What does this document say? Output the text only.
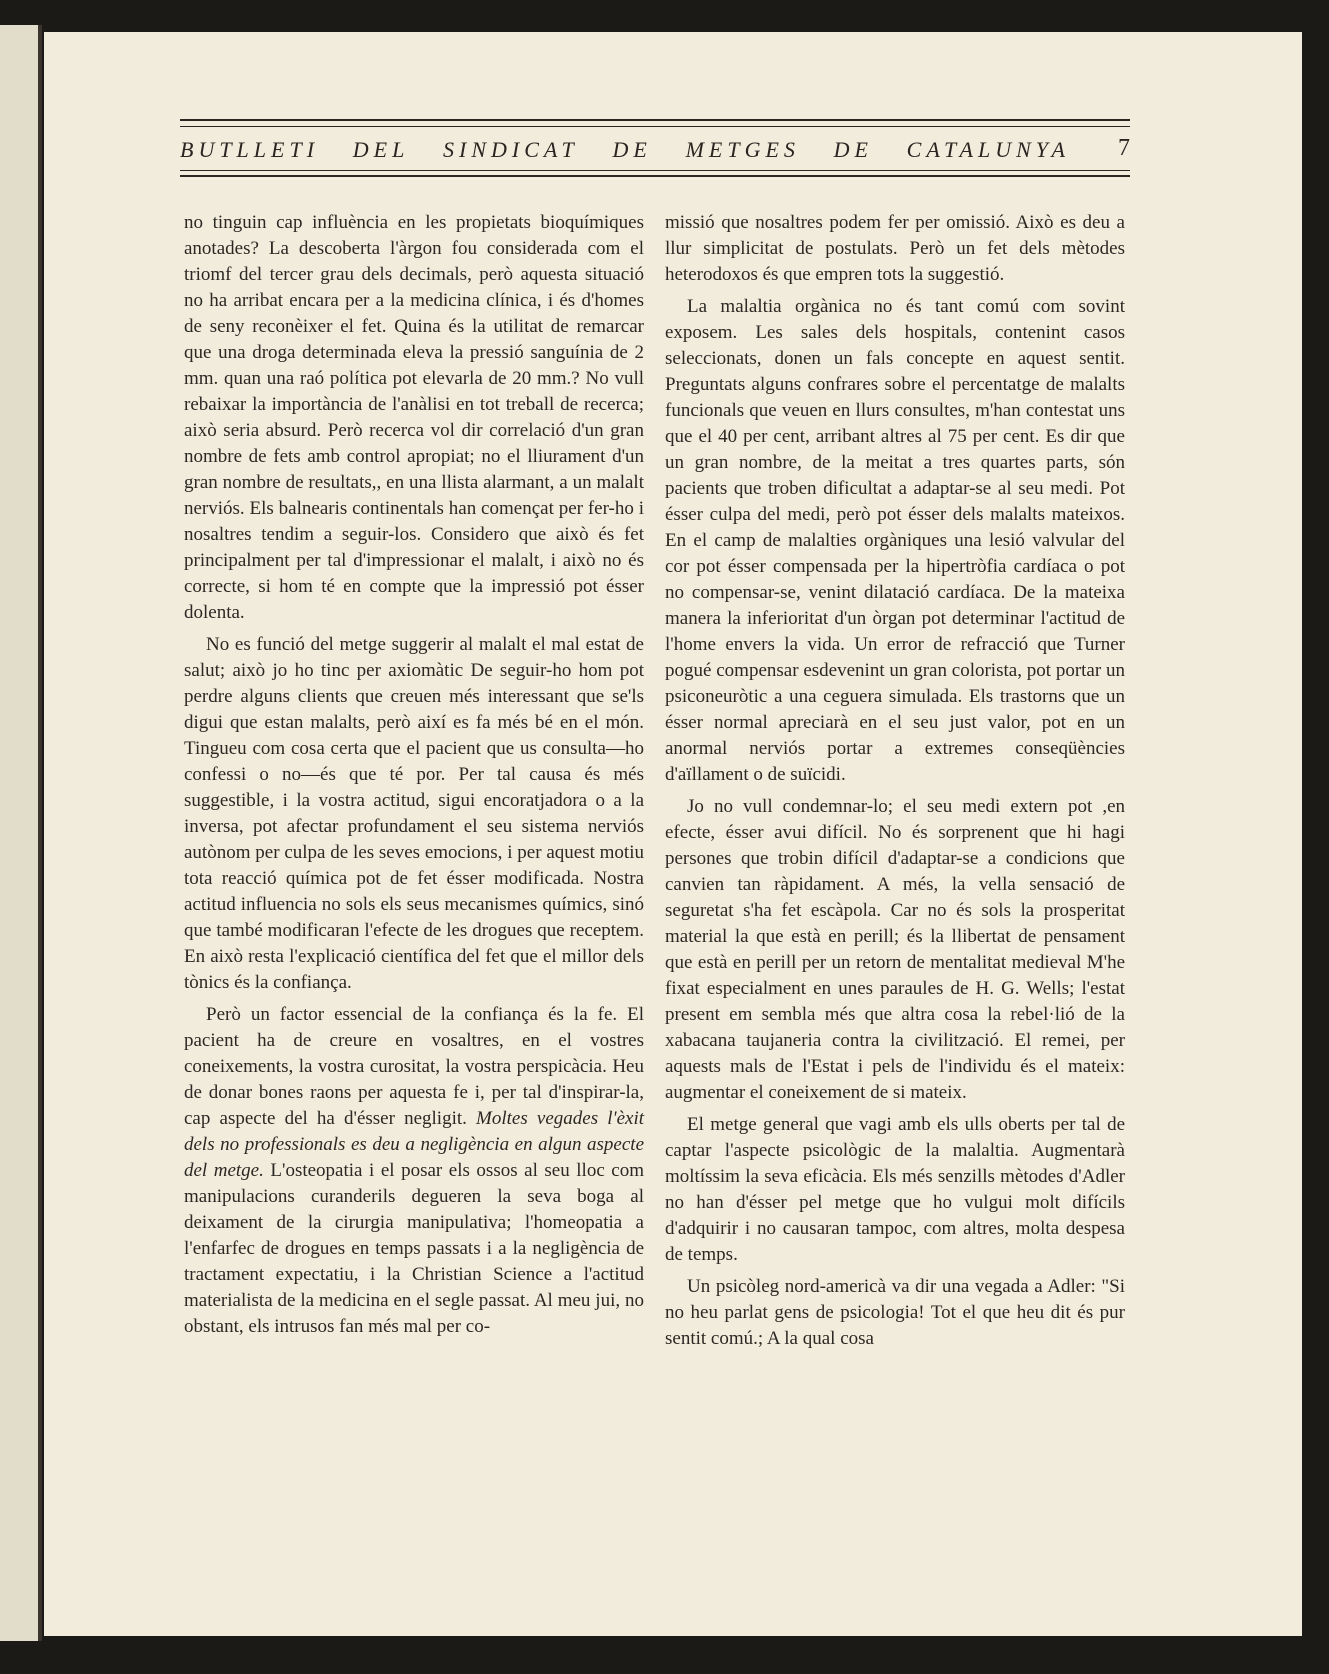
BUTLLETI DEL SINDICAT DE METGES DE CATALUNYA 7

no tinguin cap influència en les propietats bioquímiques anotades? La descoberta l'àrgon fou considerada com el triomf del tercer grau dels decimals, però aquesta situació no ha arribat encara per a la medicina clínica, i és d'homes de seny reconèixer el fet. Quina és la utilitat de remarcar que una droga determinada eleva la pressió sanguínia de 2 mm. quan una raó política pot elevarla de 20 mm.? No vull rebaixar la importància de l'anàlisi en tot treball de recerca; això seria absurd. Però recerca vol dir correlació d'un gran nombre de fets amb control apropiat; no el lliurament d'un gran nombre de resultats,, en una llista alarmant, a un malalt nerviós. Els balnearis continentals han començat per fer-ho i nosaltres tendim a seguir-los. Considero que això és fet principalment per tal d'impressionar el malalt, i això no és correcte, si hom té en compte que la impressió pot ésser dolenta.

No es funció del metge suggerir al malalt el mal estat de salut; això jo ho tinc per axiomàtic De seguir-ho hom pot perdre alguns clients que creuen més interessant que se'ls digui que estan malalts, però així es fa més bé en el món. Tingueu com cosa certa que el pacient que us consulta—ho confessi o no—és que té por. Per tal causa és més suggestible, i la vostra actitud, sigui encoratjadora o a la inversa, pot afectar profundament el seu sistema nerviós autònom per culpa de les seves emocions, i per aquest motiu tota reacció química pot de fet ésser modificada. Nostra actitud influencia no sols els seus mecanismes químics, sinó que també modificaran l'efecte de les drogues que receptem. En això resta l'explicació científica del fet que el millor dels tònics és la confiança.

Però un factor essencial de la confiança és la fe. El pacient ha de creure en vosaltres, en el vostres coneixements, la vostra curositat, la vostra perspicàcia. Heu de donar bones raons per aquesta fe i, per tal d'inspirar-la, cap aspecte del ha d'ésser negligit. Moltes vegades l'èxit dels no professionals es deu a negligència en algun aspecte del metge. L'osteopatia i el posar els ossos al seu lloc com manipulacions curanderils degueren la seva boga al deixament de la cirurgia manipulativa; l'homeopatia a l'enfarfec de drogues en temps passats i a la negligència de tractament expectatiu, i la Christian Science a l'actitud materialista de la medicina en el segle passat. Al meu jui, no obstant, els intrusos fan més mal per co-

missió que nosaltres podem fer per omissió. Això es deu a llur simplicitat de postulats. Però un fet dels mètodes heterodoxos és que empren tots la suggestió.

La malaltia orgànica no és tant comú com sovint exposem. Les sales dels hospitals, contenint casos seleccionats, donen un fals concepte en aquest sentit. Preguntats alguns confrares sobre el percentatge de malalts funcionals que veuen en llurs consultes, m'han contestat uns que el 40 per cent, arribant altres al 75 per cent. Es dir que un gran nombre, de la meitat a tres quartes parts, són pacients que troben dificultat a adaptar-se al seu medi. Pot ésser culpa del medi, però pot ésser dels malalts mateixos. En el camp de malalties orgàniques una lesió valvular del cor pot ésser compensada per la hipertròfia cardíaca o pot no compensar-se, venint dilatació cardíaca. De la mateixa manera la inferioritat d'un òrgan pot determinar l'actitud de l'home envers la vida. Un error de refracció que Turner pogué compensar esdevenint un gran colorista, pot portar un psiconeuròtic a una ceguera simulada. Els trastorns que un ésser normal apreciarà en el seu just valor, pot en un anormal nerviós portar a extremes conseqüències d'aïllament o de suïcidi.

Jo no vull condemnar-lo; el seu medi extern pot ,en efecte, ésser avui difícil. No és sorprenent que hi hagi persones que trobin difícil d'adaptar-se a condicions que canvien tan ràpidament. A més, la vella sensació de seguretat s'ha fet escàpola. Car no és sols la prosperitat material la que està en perill; és la llibertat de pensament que està en perill per un retorn de mentalitat medieval M'he fixat especialment en unes paraules de H. G. Wells; l'estat present em sembla més que altra cosa la rebel·lió de la xabacana taujaneria contra la civilització. El remei, per aquests mals de l'Estat i pels de l'individu és el mateix: augmentar el coneixement de si mateix.

El metge general que vagi amb els ulls oberts per tal de captar l'aspecte psicològic de la malaltia. Augmentarà moltíssim la seva eficàcia. Els més senzills mètodes d'Adler no han d'ésser pel metge que ho vulgui molt difícils d'adquirir i no causaran tampoc, com altres, molta despesa de temps.

Un psicòleg nord-americà va dir una vegada a Adler: "Si no heu parlat gens de psicologia! Tot el que heu dit és pur sentit comú.; A la qual cosa
